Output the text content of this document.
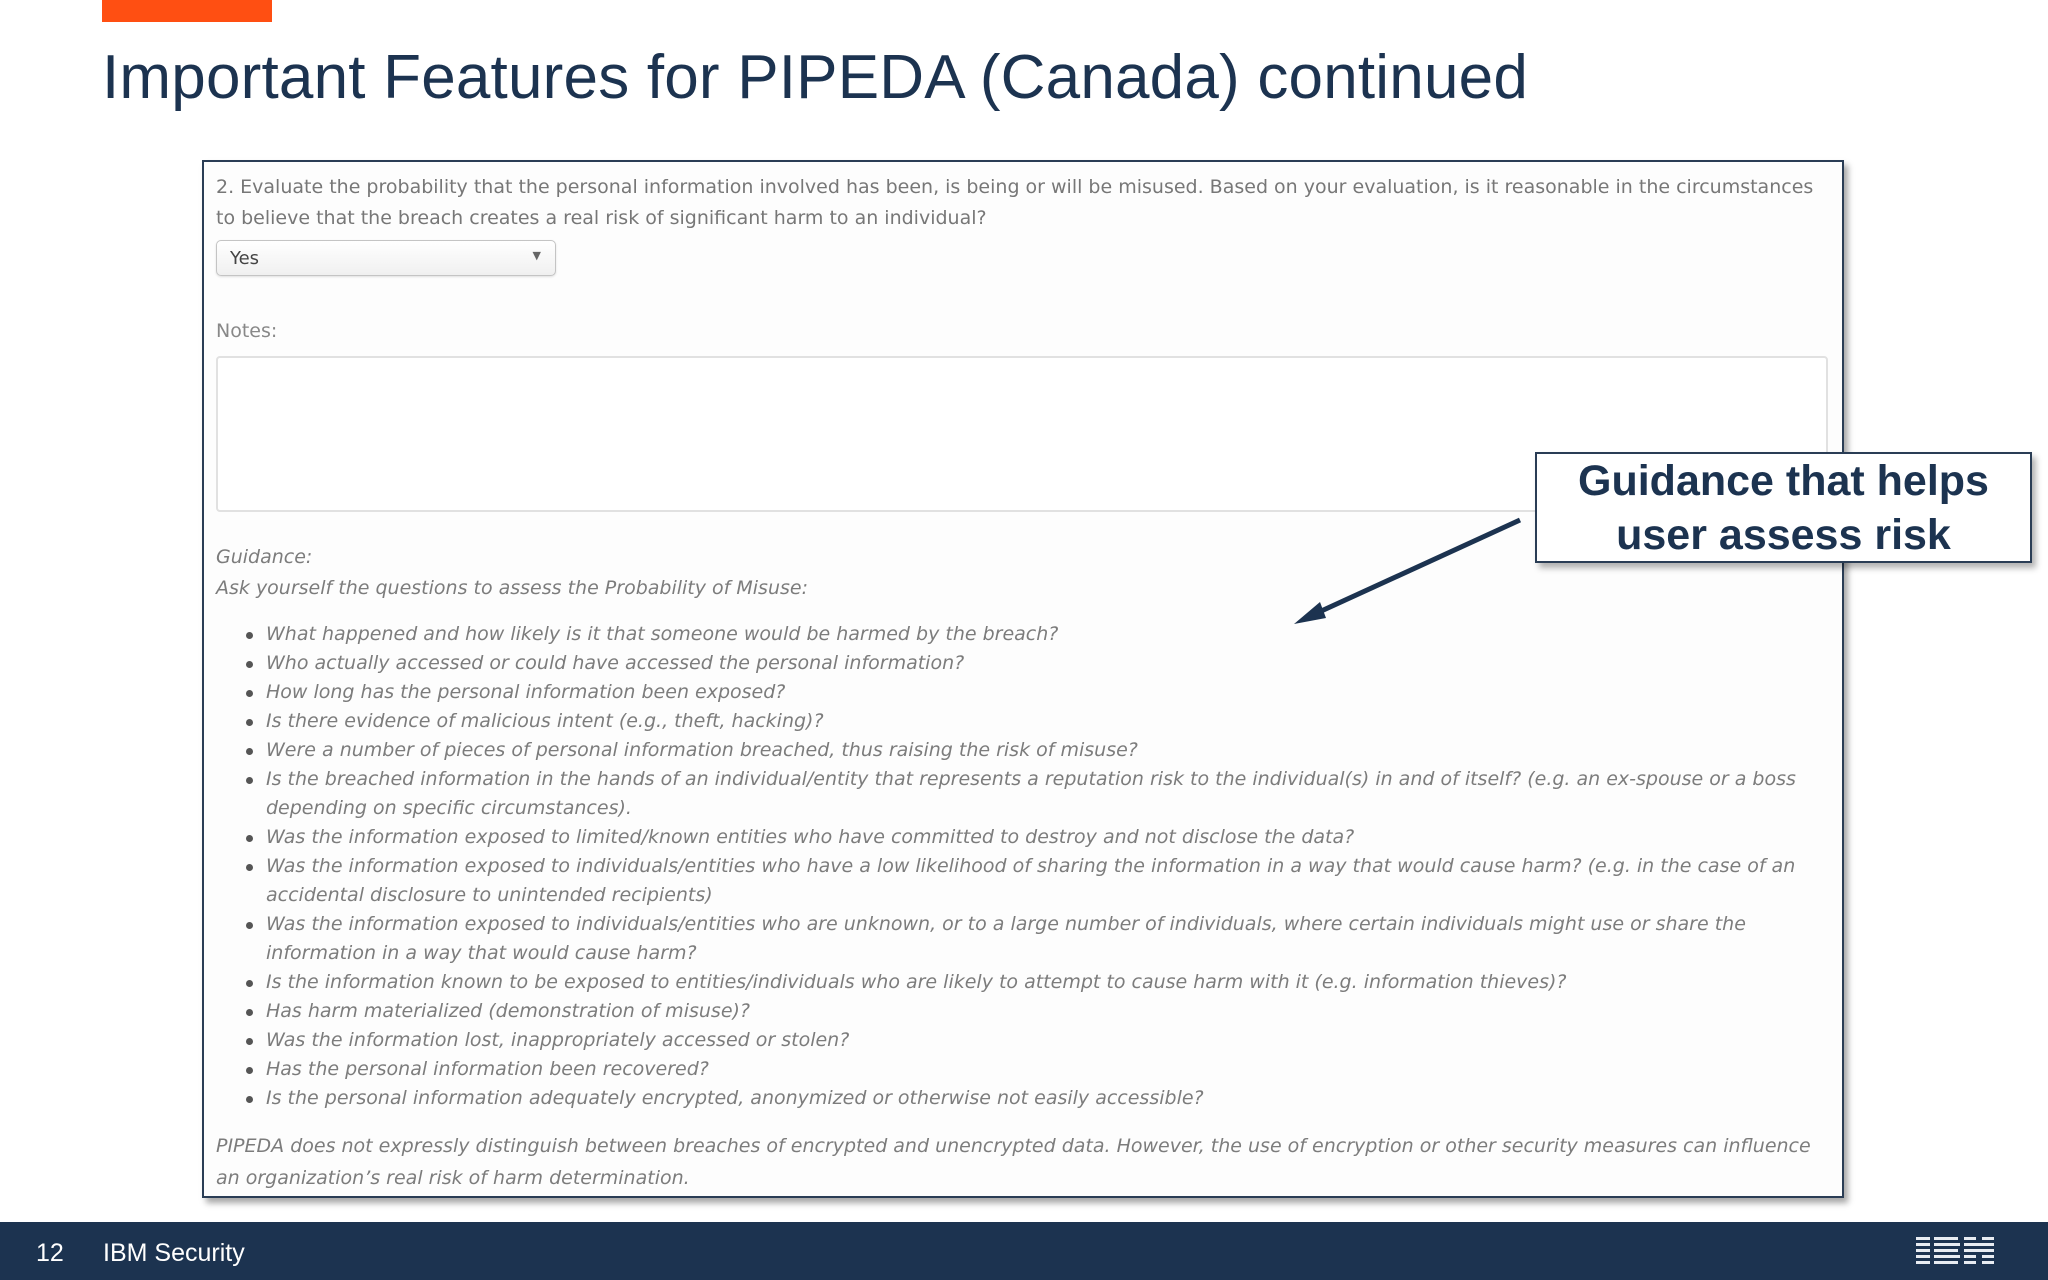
Important Features for PIPEDA (Canada) continued
2. Evaluate the probability that the personal information involved has been, is being or will be misused. Based on your evaluation, is it reasonable in the circumstances to believe that the breach creates a real risk of significant harm to an individual?
Yes	▼
Notes:
Guidance:
Ask yourself the questions to assess the Probability of Misuse:
What happened and how likely is it that someone would be harmed by the breach?
Who actually accessed or could have accessed the personal information?
How long has the personal information been exposed?
Is there evidence of malicious intent (e.g., theft, hacking)?
Were a number of pieces of personal information breached, thus raising the risk of misuse?
Is the breached information in the hands of an individual/entity that represents a reputation risk to the individual(s) in and of itself? (e.g. an ex-spouse or a boss depending on specific circumstances).
Was the information exposed to limited/known entities who have committed to destroy and not disclose the data?
Was the information exposed to individuals/entities who have a low likelihood of sharing the information in a way that would cause harm? (e.g. in the case of an accidental disclosure to unintended recipients)
Was the information exposed to individuals/entities who are unknown, or to a large number of individuals, where certain individuals might use or share the information in a way that would cause harm?
Is the information known to be exposed to entities/individuals who are likely to attempt to cause harm with it (e.g. information thieves)?
Has harm materialized (demonstration of misuse)?
Was the information lost, inappropriately accessed or stolen?
Has the personal information been recovered?
Is the personal information adequately encrypted, anonymized or otherwise not easily accessible?
PIPEDA does not expressly distinguish between breaches of encrypted and unencrypted data. However, the use of encryption or other security measures can influence an organization’s real risk of harm determination.
Guidance that helps
user assess risk
12 IBM Security
